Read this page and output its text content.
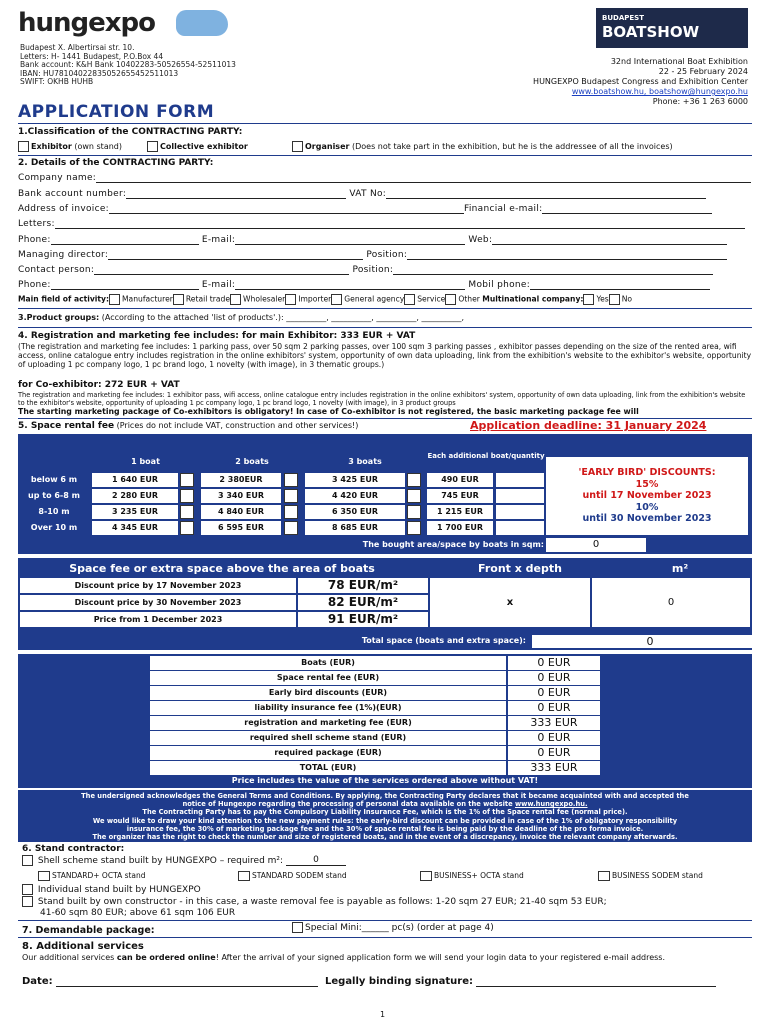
hungexpo
Budapest X. Albertirsai str. 10.
Letters: H- 1441 Budapest, P.O.Box 44
Bank account: K&H Bank 10402283-50526554-52511013
IBAN: HU78104022835052655452511013
SWIFT: OKHB HUHB
BUDAPEST
BOATSHOW
32nd International Boat Exhibition
22 - 25 February 2024
HUNGEXPO Budapest Congress and Exhibition Center
www.boatshow.hu, boatshow@hungexpo.hu
Phone: +36 1 263 6000
APPLICATION FORM
1.Classification of the CONTRACTING PARTY:
Exhibitor (own stand)	Collective exhibitor	Organiser (Does not take part in the exhibition, but he is the addressee of all the invoices)
2. Details of the CONTRACTING PARTY:
Company name:
Bank account number:	VAT No:
Address of invoice:	Financial e-mail:
Letters:
Phone:	E-mail:	Web:
Managing director:	Position:
Contact person:	Position:
Phone:	E-mail:	Mobil phone:
Main field of activity: Manufacturer Retail trade Wholesaler Importer General agency Service Other Multinational company: Yes No
3.Product groups: (According to the attached 'list of products'.): __________, __________, __________, __________,
4. Registration and marketing fee includes: for main Exhibitor: 333 EUR + VAT
(The registration and marketing fee includes: 1 parking pass, over 50 sqm 2 parking passes, over 100 sqm 3 parking passes , exhibitor passes depending on the size of the rented area, wifi access, online catalogue entry includes registration in the online exhibitors' system, opportunity of own data uploading, link from the exhibition's website to the exhibitor's website, opportunity of uploading 1 pc company logo, 1 pc brand logo, 1 novelty (with image), in 3 thematic groups.)
for Co-exhibitor: 272 EUR + VAT
The registration and marketing fee includes: 1 exhibitor pass, wifi access, online catalogue entry includes registration in the online exhibitors' system, opportunity of own data uploading, link from the exhibition's website to the exhibitor's website, opportunity of uploading 1 pc company logo, 1 pc brand logo, 1 novelty (with image), in 3 product groups
The starting marketing package of Co-exhibitors is obligatory! In case of Co-exhibitor is not registered, the basic marketing package fee will
5. Space rental fee (Prices do not include VAT, construction and other services!)	Application deadline: 31 January 2024
1 boat	2 boats	3 boats
Each additional boat/quantity
below 6 m	1 640 EUR	2 380EUR	3 425 EUR	490 EUR
up to 6-8 m	2 280 EUR	3 340 EUR	4 420 EUR	745 EUR
8-10 m	3 235 EUR	4 840 EUR	6 350 EUR	1 215 EUR
Over 10 m	4 345 EUR	6 595 EUR	8 685 EUR	1 700 EUR
'EARLY BIRD' DISCOUNTS:
15%
until 17 November 2023
10%
until 30 November 2023
The bought area/space by boats in sqm:	0
Space fee or extra space above the area of boats	Front x depth	m²
Discount price by 17 November 2023	78 EUR/m²
Discount price by 30 November 2023	82 EUR/m²
Price from 1 December 2023	91 EUR/m²
x	0
Total space (boats and extra space):	0
Boats (EUR)	0 EUR
Space rental fee (EUR)	0 EUR
Early bird discounts (EUR)	0 EUR
liability insurance fee (1%)(EUR)	0 EUR
registration and marketing fee (EUR)	333 EUR
required shell scheme stand (EUR)	0 EUR
required package (EUR)	0 EUR
TOTAL (EUR)	333 EUR
Price includes the value of the services ordered above without VAT!
The undersigned acknowledges the General Terms and Conditions. By applying, the Contracting Party declares that it became acquainted with and accepted the
notice of Hungexpo regarding the processing of personal data available on the website www.hungexpo.hu.
The Contracting Party has to pay the Compulsory Liability Insurance Fee, which is the 1% of the Space rental fee (normal price).
We would like to draw your kind attention to the new payment rules: the early-bird discount can be provided in case of the 1% of obligatory responsibility
insurance fee, the 30% of marketing package fee and the 30% of space rental fee is being paid by the deadline of the pro forma invoice.
The organizer has the right to check the number and size of registered boats, and in the event of a discrepancy, invoice the relevant company afterwards.
6. Stand contractor:
Shell scheme stand built by HUNGEXPO – required m²:	0
STANDARD+ OCTA stand	STANDARD SODEM stand	BUSINESS+ OCTA stand	BUSINESS SODEM stand
Individual stand built by HUNGEXPO
Stand built by own constructor - in this case, a waste removal fee is payable as follows: 1-20 sqm 27 EUR; 21-40 sqm 53 EUR;
41-60 sqm 80 EUR; above 61 sqm 106 EUR
7. Demandable package:	Special Mini:______ pc(s) (order at page 4)
8. Additional services
Our additional services can be ordered online! After the arrival of your signed application form we will send your login data to your registered e-mail address.
Date:	Legally binding signature:
1
